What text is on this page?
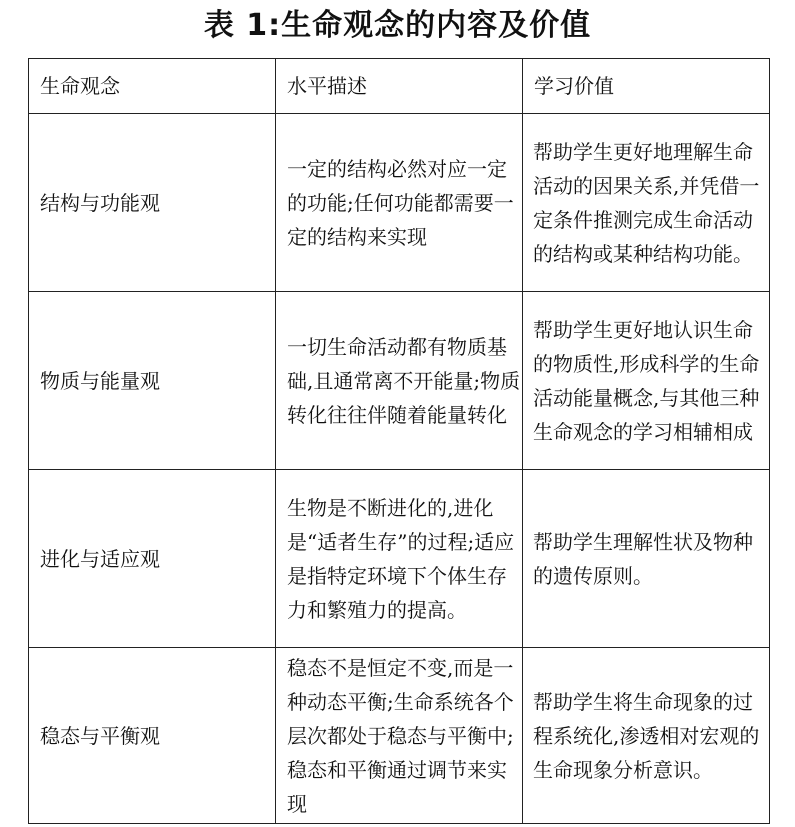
表 1:生命观念的内容及价值
生命观念	水平描述	学习价值
结构与功能观	一定的结构必然对应一定的功能;任何功能都需要一定的结构来实现	帮助学生更好地理解生命活动的因果关系,并凭借一定条件推测完成生命活动的结构或某种结构功能。
物质与能量观	一切生命活动都有物质基础,且通常离不开能量;物质转化往往伴随着能量转化	帮助学生更好地认识生命的物质性,形成科学的生命活动能量概念,与其他三种生命观念的学习相辅相成
进化与适应观	生物是不断进化的,进化是“适者生存”的过程;适应是指特定环境下个体生存力和繁殖力的提高。	帮助学生理解性状及物种的遗传原则。
稳态与平衡观	稳态不是恒定不变,而是一种动态平衡;生命系统各个层次都处于稳态与平衡中;稳态和平衡通过调节来实现	帮助学生将生命现象的过程系统化,渗透相对宏观的生命现象分析意识。
